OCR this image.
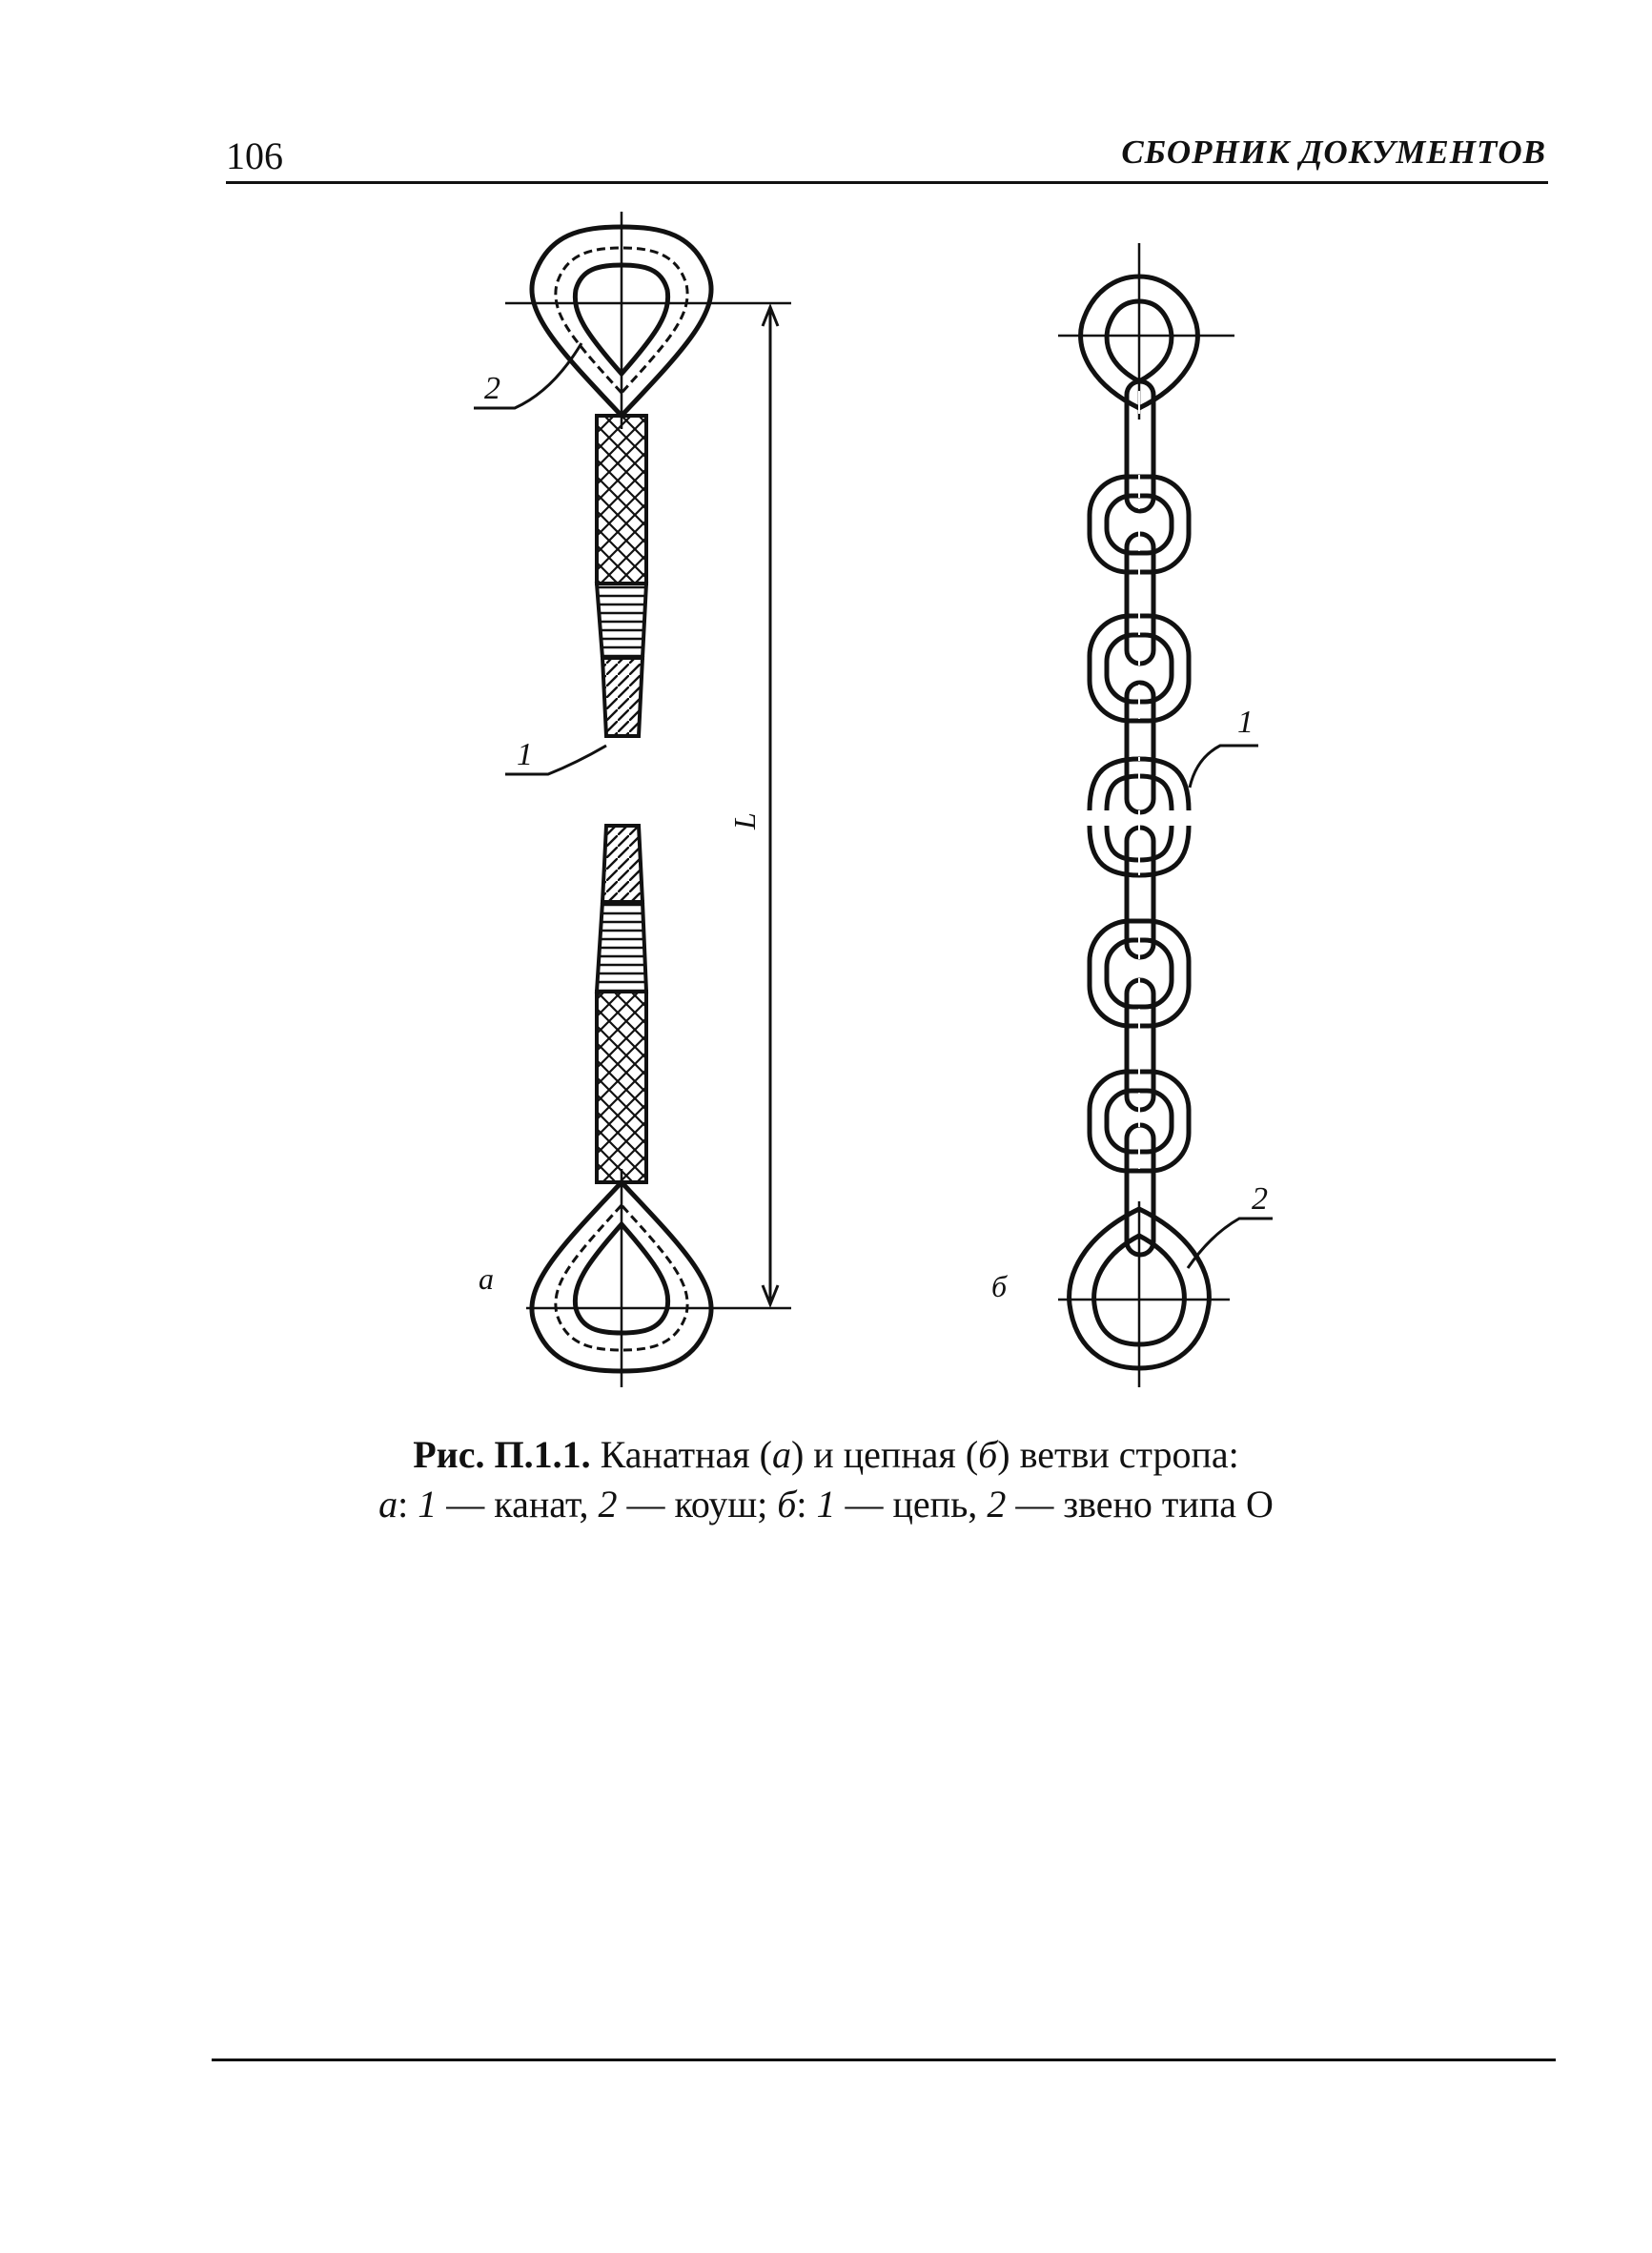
106	СБОРНИК ДОКУМЕНТОВ
2
1
L
а
1
2
б
Рис. П.1.1. Канатная (а) и цепная (б) ветви стропа:
а: 1 — канат, 2 — коуш; б: 1 — цепь, 2 — звено типа О
